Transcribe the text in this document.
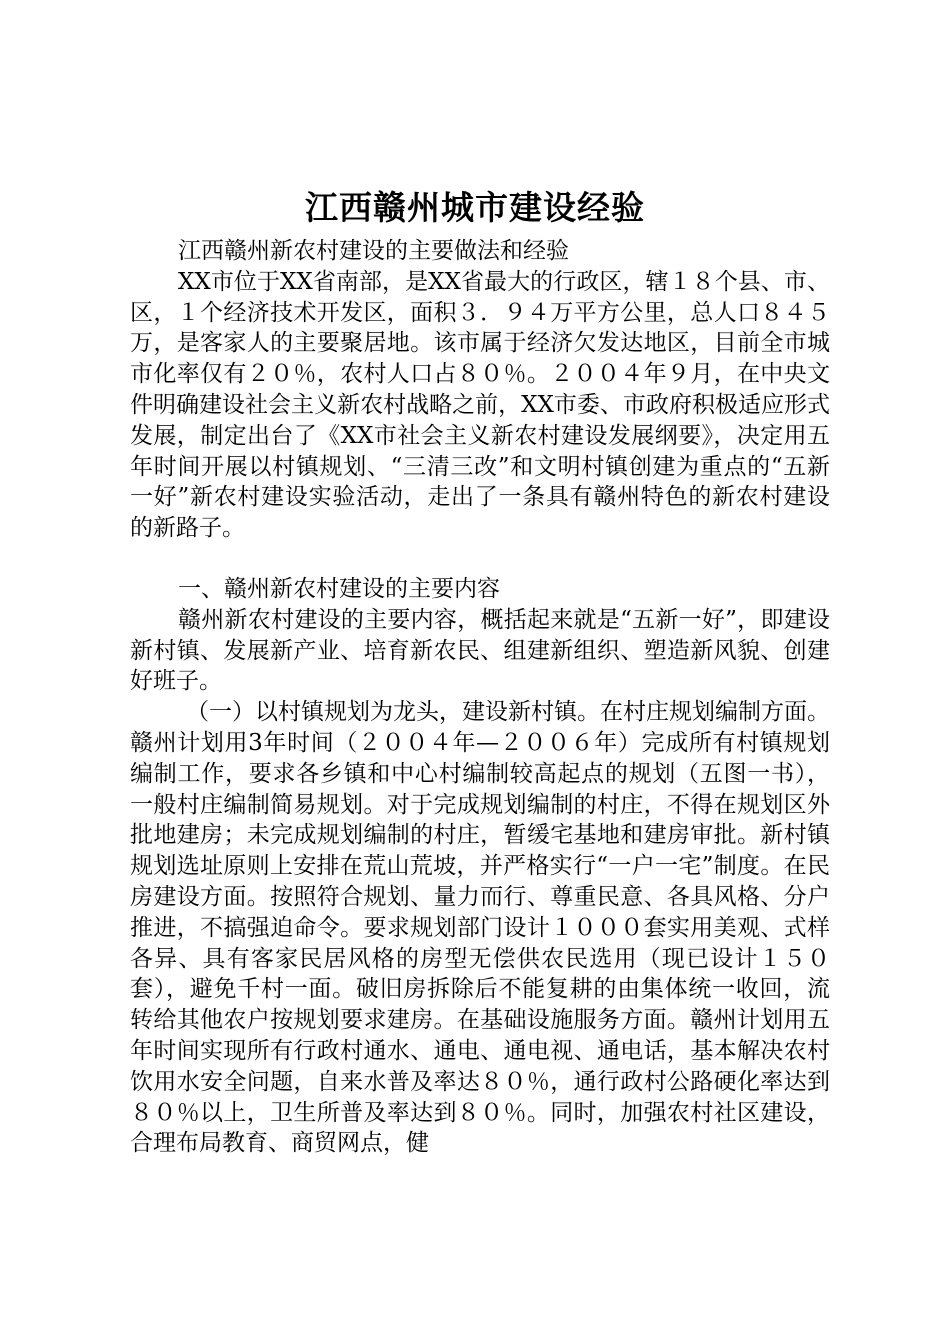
江西赣州城市建设经验

江西赣州新农村建设的主要做法和经验

XX市位于XX省南部，是XX省最大的行政区，辖１８个县、市、区，１个经济技术开发区，面积３．９４万平方公里，总人口８４５万，是客家人的主要聚居地。该市属于经济欠发达地区，目前全市城市化率仅有２０％，农村人口占８０％。２００４年９月，在中央文件明确建设社会主义新农村战略之前，XX市委、市政府积极适应形式发展，制定出台了《XX市社会主义新农村建设发展纲要》，决定用五年时间开展以村镇规划、“三清三改”和文明村镇创建为重点的“五新一好”新农村建设实验活动，走出了一条具有赣州特色的新农村建设的新路子。

一、赣州新农村建设的主要内容

赣州新农村建设的主要内容，概括起来就是“五新一好”，即建设新村镇、发展新产业、培育新农民、组建新组织、塑造新风貌、创建好班子。

（一）以村镇规划为龙头，建设新村镇。在村庄规划编制方面。赣州计划用3年时间（２００４年—２００６年）完成所有村镇规划编制工作，要求各乡镇和中心村编制较高起点的规划（五图一书），一般村庄编制简易规划。对于完成规划编制的村庄，不得在规划区外批地建房；未完成规划编制的村庄，暂缓宅基地和建房审批。新村镇规划选址原则上安排在荒山荒坡，并严格实行“一户一宅”制度。在民房建设方面。按照符合规划、量力而行、尊重民意、各具风格、分户推进，不搞强迫命令。要求规划部门设计１０００套实用美观、式样各异、具有客家民居风格的房型无偿供农民选用（现已设计１５０套），避免千村一面。破旧房拆除后不能复耕的由集体统一收回，流转给其他农户按规划要求建房。在基础设施服务方面。赣州计划用五年时间实现所有行政村通水、通电、通电视、通电话，基本解决农村饮用水安全问题，自来水普及率达８０％，通行政村公路硬化率达到８０％以上，卫生所普及率达到８０％。同时，加强农村社区建设，合理布局教育、商贸网点，健
